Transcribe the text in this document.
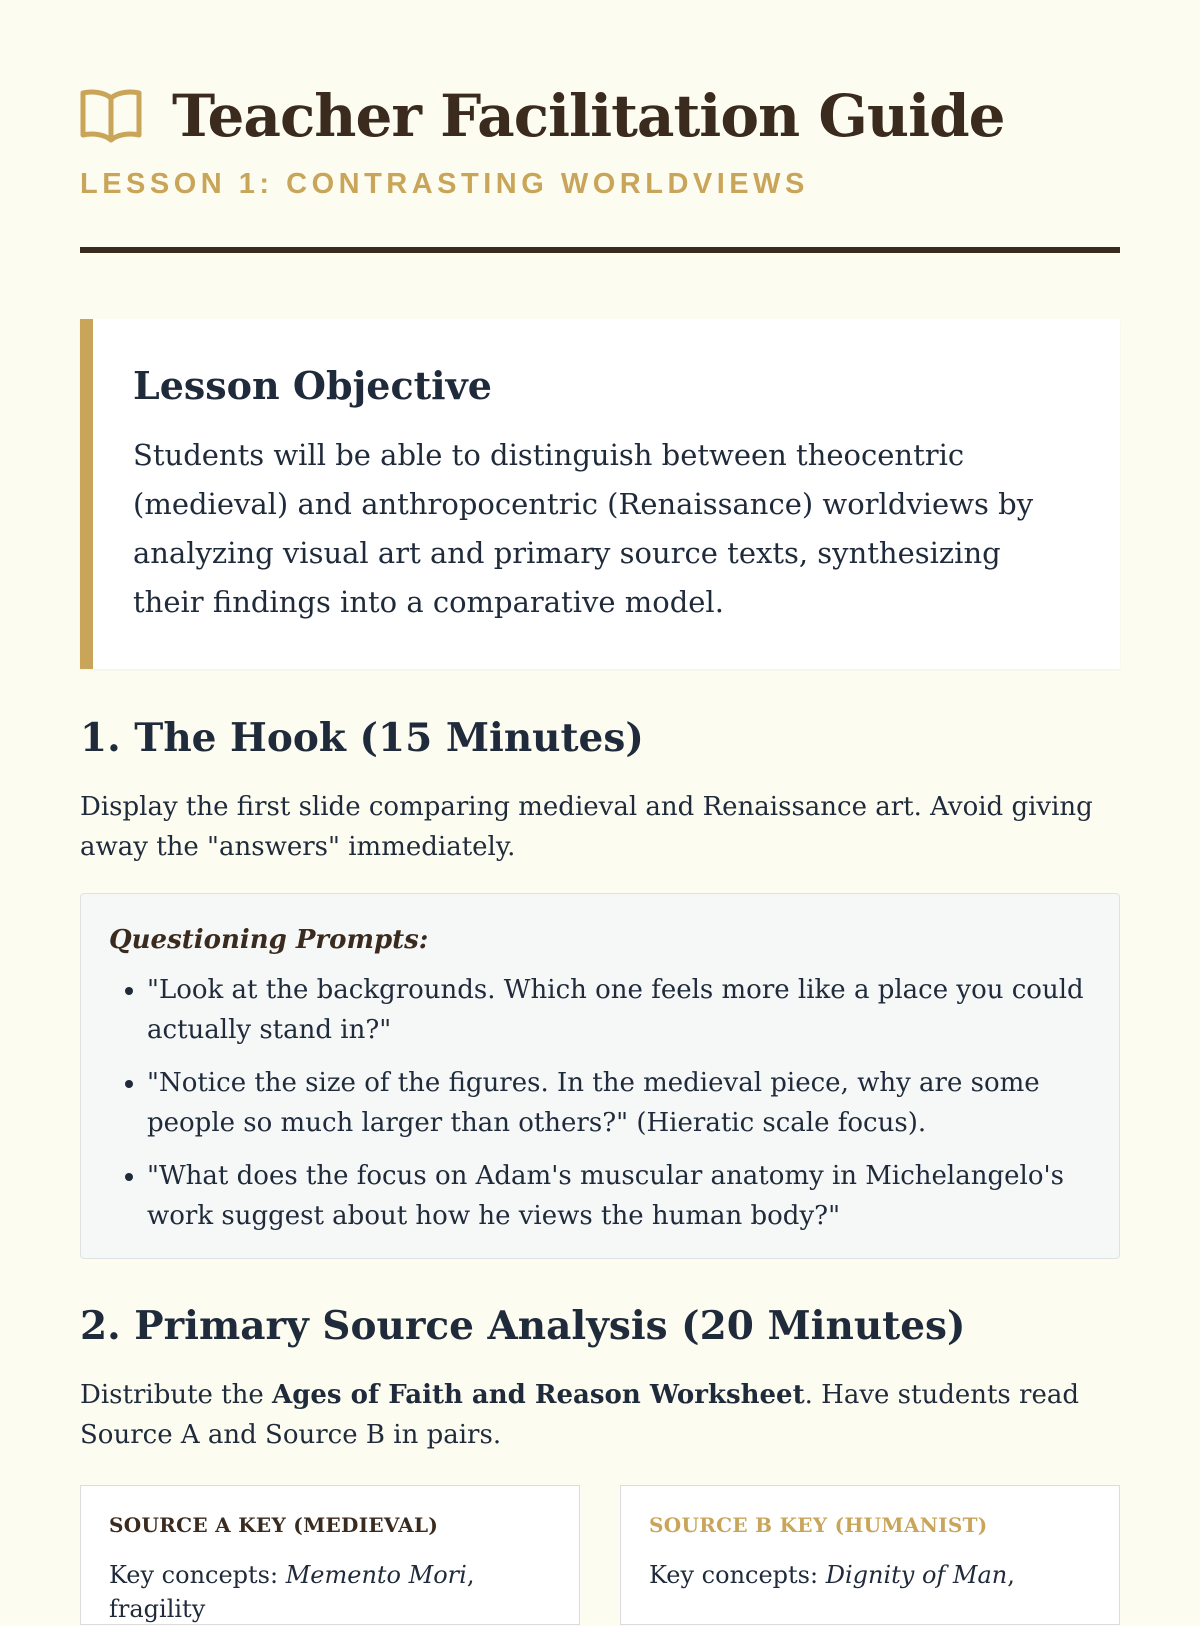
Teacher Facilitation Guide
LESSON 1: CONTRASTING WORLDVIEWS
Lesson Objective

Students will be able to distinguish between theocentric (medieval) and anthropocentric (Renaissance) worldviews by analyzing visual art and primary source texts, synthesizing their findings into a comparative model.

1. The Hook (15 Minutes)

Display the first slide comparing medieval and Renaissance art. Avoid giving away the "answers" immediately.

Questioning Prompts:
• "Look at the backgrounds. Which one feels more like a place you could actually stand in?"
• "Notice the size of the figures. In the medieval piece, why are some people so much larger than others?" (Hieratic scale focus).
• "What does the focus on Adam's muscular anatomy in Michelangelo's work suggest about how he views the human body?"
2. Primary Source Analysis (20 Minutes)

Distribute the Ages of Faith and Reason Worksheet. Have students read Source A and Source B in pairs.

SOURCE A KEY (MEDIEVAL)

Key concepts: Memento Mori, fragility

SOURCE B KEY (HUMANIST)

Key concepts: Dignity of Man,
